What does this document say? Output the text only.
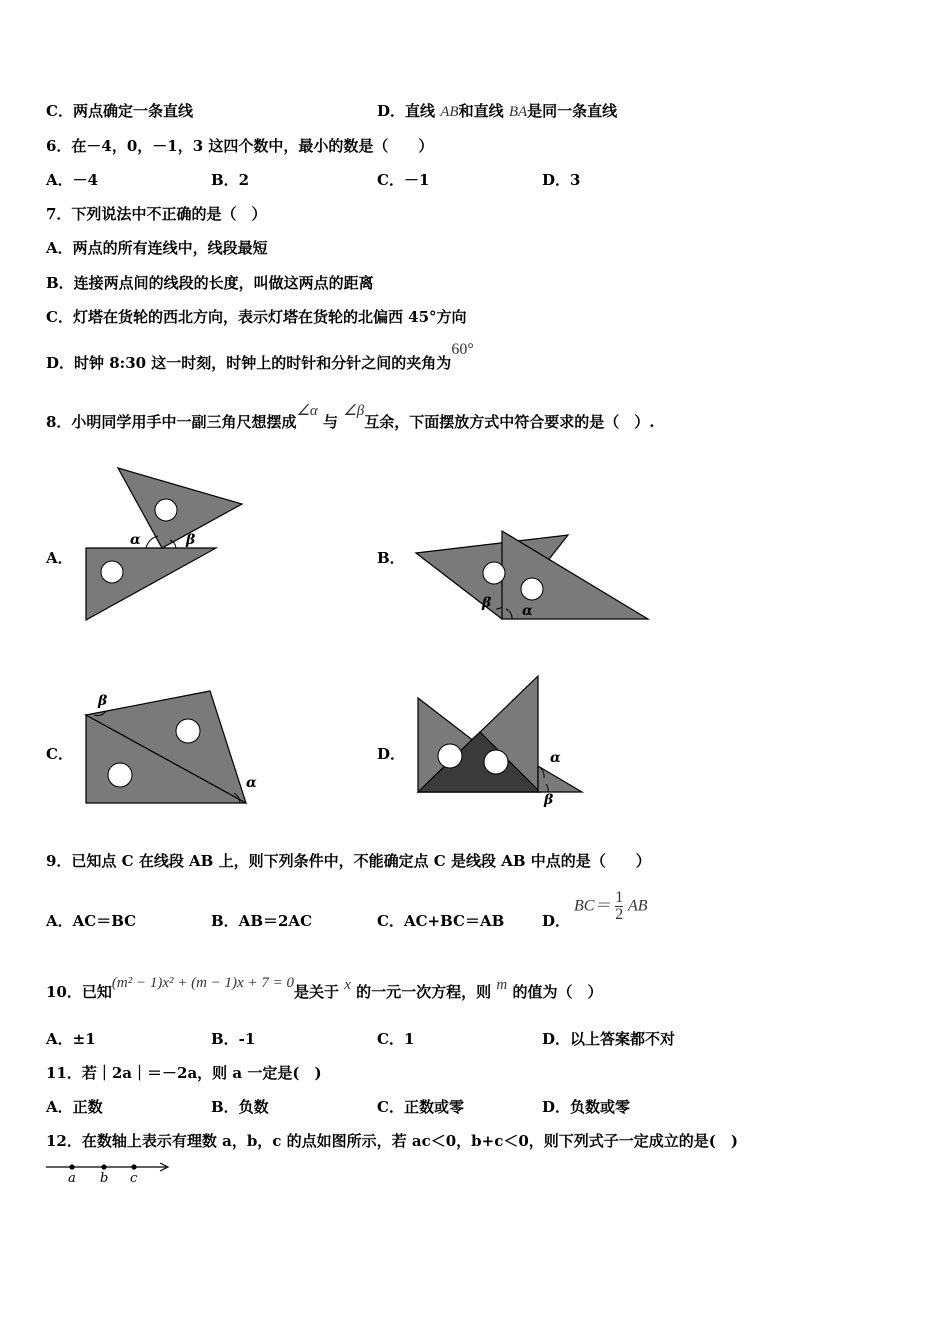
C．两点确定一条直线	D．直线 AB和直线 BA是同一条直线
6．在－4，0，－1，3 这四个数中，最小的数是（　　）
A．－4	B．2	C．－1	D．3
7．下列说法中不正确的是（　）
A．两点的所有连线中，线段最短
B．连接两点间的线段的长度，叫做这两点的距离
C．灯塔在货轮的西北方向，表示灯塔在货轮的北偏西 45°方向
D．时钟 8:30 这一时刻，时钟上的时针和分针之间的夹角为60°
8．小明同学用手中一副三角尺想摆成∠α 与 ∠β互余，下面摆放方式中符合要求的是（　）.
A．
α	β
B．
β α
C．
β
α
D．	α
β
9．已知点 C 在线段 AB 上，则下列条件中，不能确定点 C 是线段 AB 中点的是（　　）
A．AC＝BC	B．AB＝2AC	C．AC+BC＝AB	D．
$BC= \frac{1}{2}$ AB
10．已知(m² − 1)x² + (m − 1)x + 7 = 0是关于 x 的一元一次方程，则 m 的值为（　）
A．±1	B．-1	C．1	D．以上答案都不对
11．若｜2a｜＝－2a，则 a 一定是(　)
A．正数	B．负数	C．正数或零	D．负数或零
12．在数轴上表示有理数 a，b，c 的点如图所示，若 ac＜0，b+c＜0，则下列式子一定成立的是(　)
a b c
